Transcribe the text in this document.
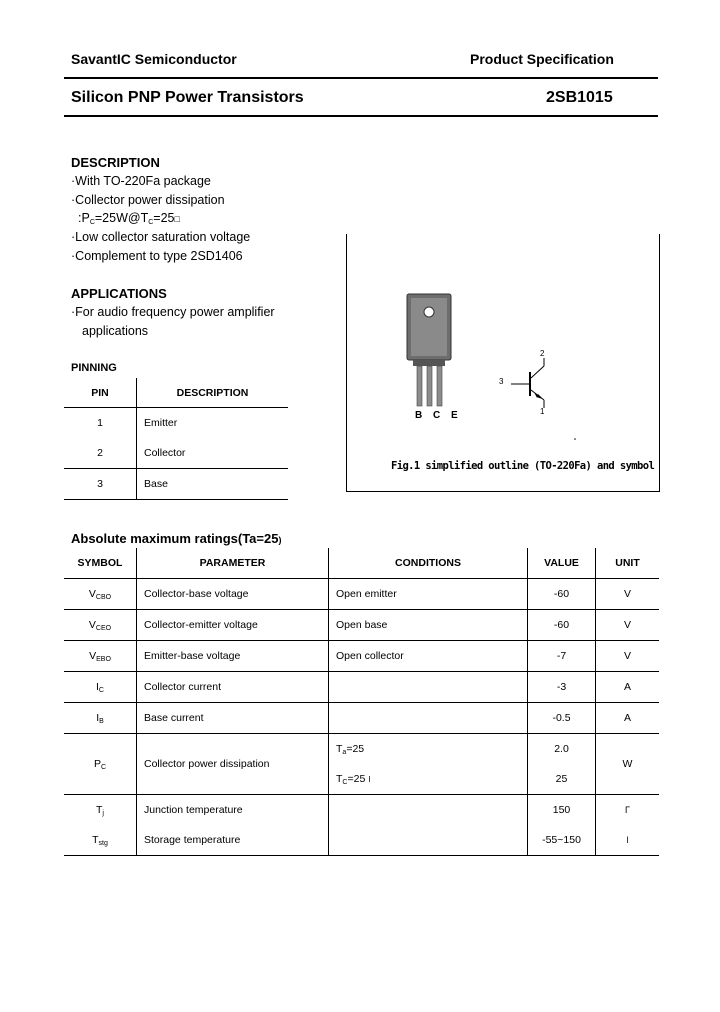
SavantIC Semiconductor	Product Specification
Silicon PNP Power Transistors	2SB1015
DESCRIPTION
·With TO-220Fa package
·Collector power dissipation
$:P_C=25W@T_C=25□$
·Low collector saturation voltage
·Complement to type 2SD1406
APPLICATIONS
·For audio frequency power amplifier
applications
PINNING
PIN	DESCRIPTION
1	Emitter
2	Collector
3	Base
B C E
3
2
1
Fig.1 simplified outline (TO-220Fa) and symbol
Absolute maximum ratings(Ta=25)
SYMBOL	PARAMETER	CONDITIONS	VALUE	UNIT
$V_{CBO}$	Collector-base voltage	Open emitter	-60	V
$V_{CEO}$	Collector-emitter voltage	Open base	-60	V
$V_{EBO}$	Emitter-base voltage	Open collector	-7	V
$I_C$	Collector current		-3	A
$I_B$	Base current		-0.5	A
$P_C$	Collector power dissipation	$T_a=25$	2.0	W
		$T_C=25$ I	25	
$T_j$	Junction temperature		150	Γ
$T_{stg}$	Storage temperature		-55~150	ǀ
